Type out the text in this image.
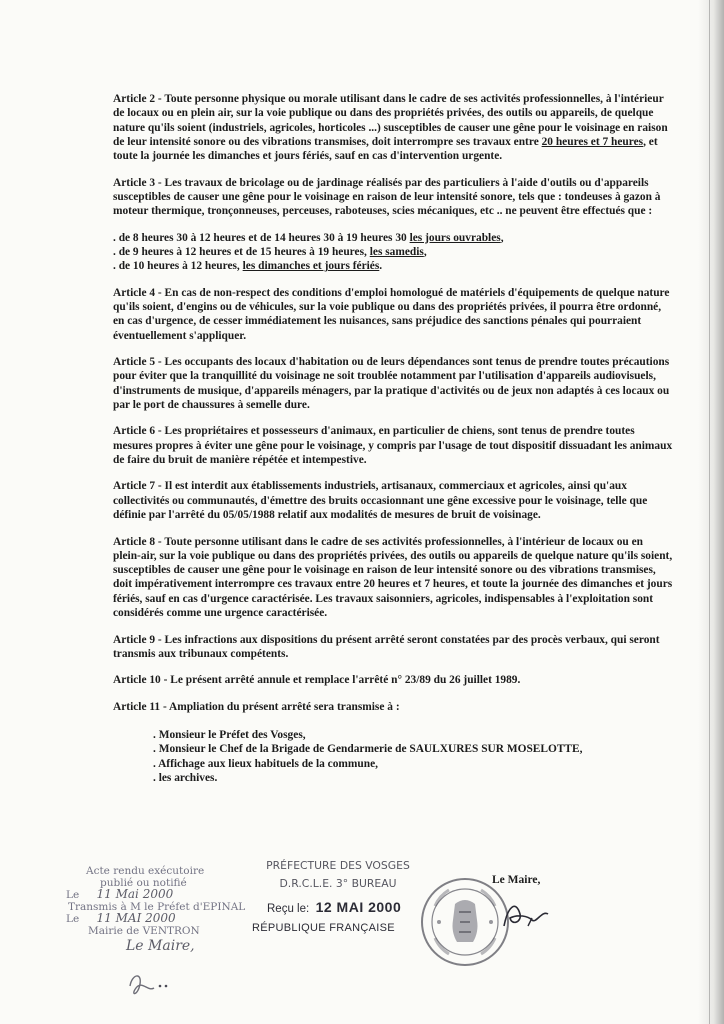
Article 2 - Toute personne physique ou morale utilisant dans le cadre de ses activités professionnelles, à l'intérieur de locaux ou en plein air, sur la voie publique ou dans des propriétés privées, des outils ou appareils, de quelque nature qu'ils soient (industriels, agricoles, horticoles ...) susceptibles de causer une gêne pour le voisinage en raison de leur intensité sonore ou des vibrations transmises, doit interrompre ses travaux entre 20 heures et 7 heures, et toute la journée les dimanches et jours fériés, sauf en cas d'intervention urgente.

Article 3 - Les travaux de bricolage ou de jardinage réalisés par des particuliers à l'aide d'outils ou d'appareils susceptibles de causer une gêne pour le voisinage en raison de leur intensité sonore, tels que : tondeuses à gazon à moteur thermique, tronçonneuses, perceuses, raboteuses, scies mécaniques, etc .. ne peuvent être effectués que :

. de 8 heures 30 à 12 heures et de 14 heures 30 à 19 heures 30 les jours ouvrables,
. de 9 heures à 12 heures et de 15 heures à 19 heures, les samedis,
. de 10 heures à 12 heures, les dimanches et jours fériés.

Article 4 - En cas de non-respect des conditions d'emploi homologué de matériels d'équipements de quelque nature qu'ils soient, d'engins ou de véhicules, sur la voie publique ou dans des propriétés privées, il pourra être ordonné, en cas d'urgence, de cesser immédiatement les nuisances, sans préjudice des sanctions pénales qui pourraient éventuellement s'appliquer.

Article 5 - Les occupants des locaux d'habitation ou de leurs dépendances sont tenus de prendre toutes précautions pour éviter que la tranquillité du voisinage ne soit troublée notamment par l'utilisation d'appareils audiovisuels, d'instruments de musique, d'appareils ménagers, par la pratique d'activités ou de jeux non adaptés à ces locaux ou par le port de chaussures à semelle dure.

Article 6 - Les propriétaires et possesseurs d'animaux, en particulier de chiens, sont tenus de prendre toutes mesures propres à éviter une gêne pour le voisinage, y compris par l'usage de tout dispositif dissuadant les animaux de faire du bruit de manière répétée et intempestive.

Article 7 - Il est interdit aux établissements industriels, artisanaux, commerciaux et agricoles, ainsi qu'aux collectivités ou communautés, d'émettre des bruits occasionnant une gêne excessive pour le voisinage, telle que définie par l'arrêté du 05/05/1988 relatif aux modalités de mesures de bruit de voisinage.

Article 8 - Toute personne utilisant dans le cadre de ses activités professionnelles, à l'intérieur de locaux ou en plein-air, sur la voie publique ou dans des propriétés privées, des outils ou appareils de quelque nature qu'ils soient, susceptibles de causer une gêne pour le voisinage en raison de leur intensité sonore ou des vibrations transmises, doit impérativement interrompre ces travaux entre 20 heures et 7 heures, et toute la journée des dimanches et jours fériés, sauf en cas d'urgence caractérisée. Les travaux saisonniers, agricoles, indispensables à l'exploitation sont considérés comme une urgence caractérisée.

Article 9 - Les infractions aux dispositions du présent arrêté seront constatées par des procès verbaux, qui seront transmis aux tribunaux compétents.

Article 10 - Le présent arrêté annule et remplace l'arrêté n° 23/89 du 26 juillet 1989.

Article 11 - Ampliation du présent arrêté sera transmise à :

. Monsieur le Préfet des Vosges,
. Monsieur le Chef de la Brigade de Gendarmerie de SAULXURES SUR MOSELOTTE,
. Affichage aux lieux habituels de la commune,
. les archives.
Acte rendu exécutoire
publié ou notifié
Le 11 Mai 2000
Transmis à M le Préfet d'EPINAL
Le 11 MAI 2000
Mairie de VENTRON
Le Maire,
PRÉFECTURE DES VOSGES
D.R.C.L.E. 3° BUREAU
Reçu le: 12 MAI 2000
RÉPUBLIQUE FRANÇAISE
Le Maire,
